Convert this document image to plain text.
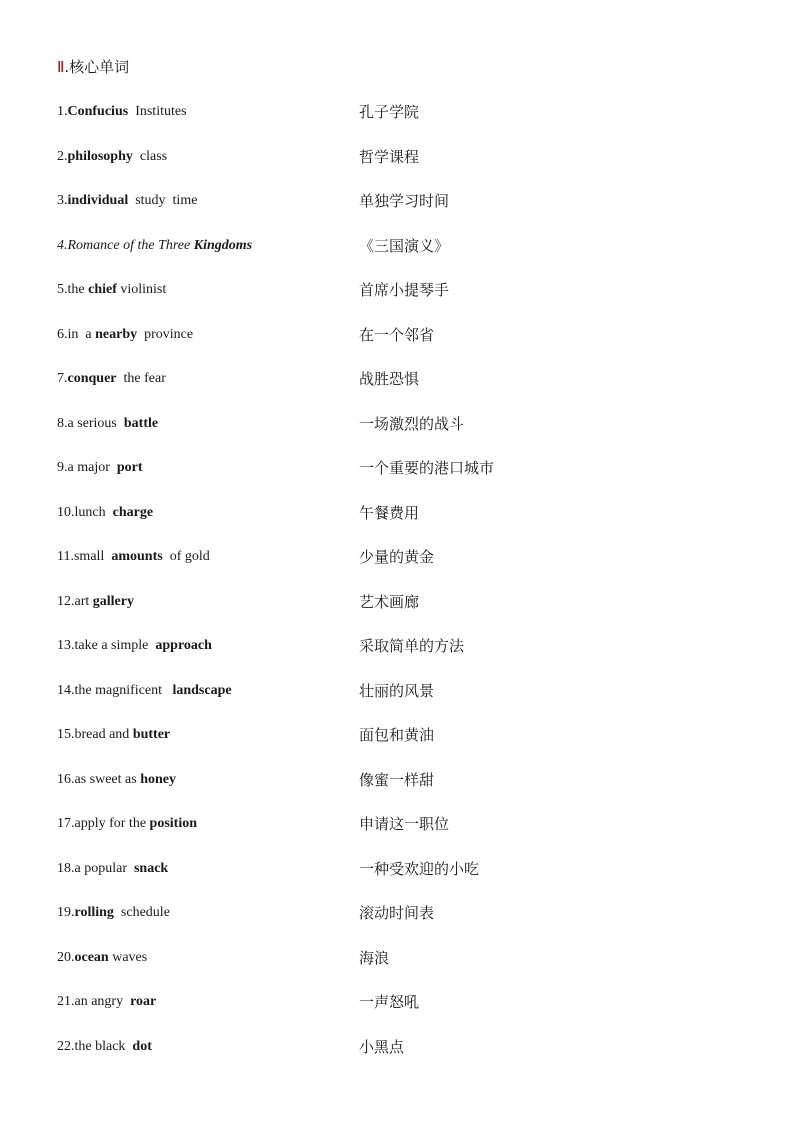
Ⅱ.核心单词
1.Confucius  Institutes	孔子学院
2.philosophy  class	哲学课程
3.individual  study  time	单独学习时间
4.Romance of the Three Kingdoms	《三国演义》
5.the chief violinist	首席小提琴手
6.in  a nearby  province	在一个邻省
7.conquer  the fear	战胜恐惧
8.a serious  battle	一场激烈的战斗
9.a major  port	一个重要的港口城市
10.lunch  charge	午餐费用
11.small  amounts  of gold	少量的黄金
12.art gallery	艺术画廊
13.take a simple  approach	采取简单的方法
14.the magnificent   landscape	壮丽的风景
15.bread and butter	面包和黄油
16.as sweet as honey	像蜜一样甜
17.apply for the position	申请这一职位
18.a popular  snack	一种受欢迎的小吃
19.rolling  schedule	滚动时间表
20.ocean waves	海浪
21.an angry  roar	一声怒吼
22.the black  dot	小黑点
